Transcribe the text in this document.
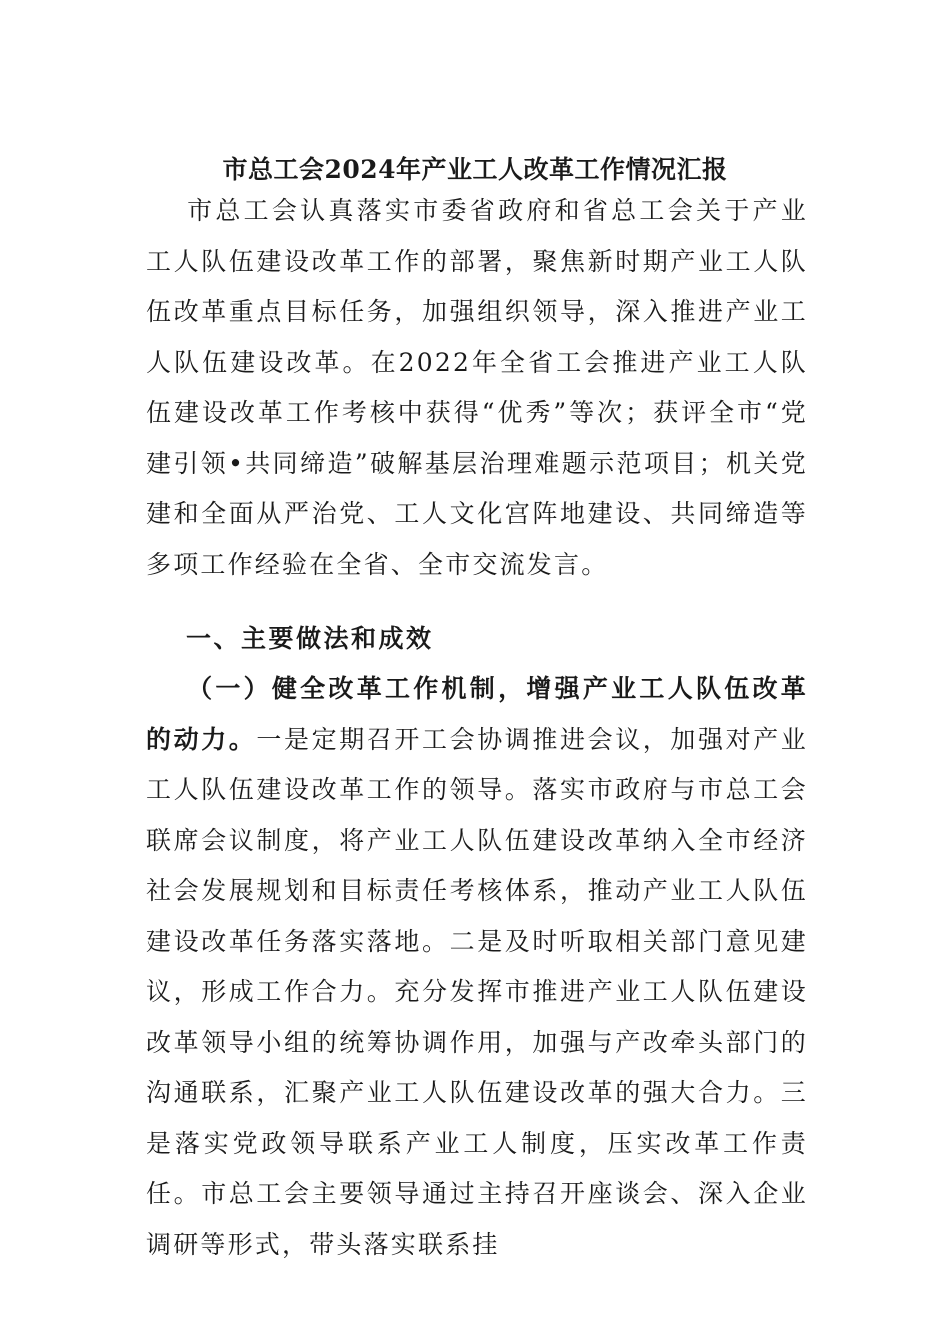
市总工会2024年产业工人改革工作情况汇报
市总工会认真落实市委省政府和省总工会关于产业工人队伍建设改革工作的部署，聚焦新时期产业工人队伍改革重点目标任务，加强组织领导，深入推进产业工人队伍建设改革。在2022年全省工会推进产业工人队伍建设改革工作考核中获得“优秀”等次；获评全市“党建引领•共同缔造”破解基层治理难题示范项目；机关党建和全面从严治党、工人文化宫阵地建设、共同缔造等多项工作经验在全省、全市交流发言。
一、主要做法和成效
（一）健全改革工作机制，增强产业工人队伍改革的动力。一是定期召开工会协调推进会议，加强对产业工人队伍建设改革工作的领导。落实市政府与市总工会联席会议制度，将产业工人队伍建设改革纳入全市经济社会发展规划和目标责任考核体系，推动产业工人队伍建设改革任务落实落地。二是及时听取相关部门意见建议，形成工作合力。充分发挥市推进产业工人队伍建设改革领导小组的统筹协调作用，加强与产改牵头部门的沟通联系，汇聚产业工人队伍建设改革的强大合力。三是落实党政领导联系产业工人制度，压实改革工作责任。市总工会主要领导通过主持召开座谈会、深入企业调研等形式，带头落实联系挂
